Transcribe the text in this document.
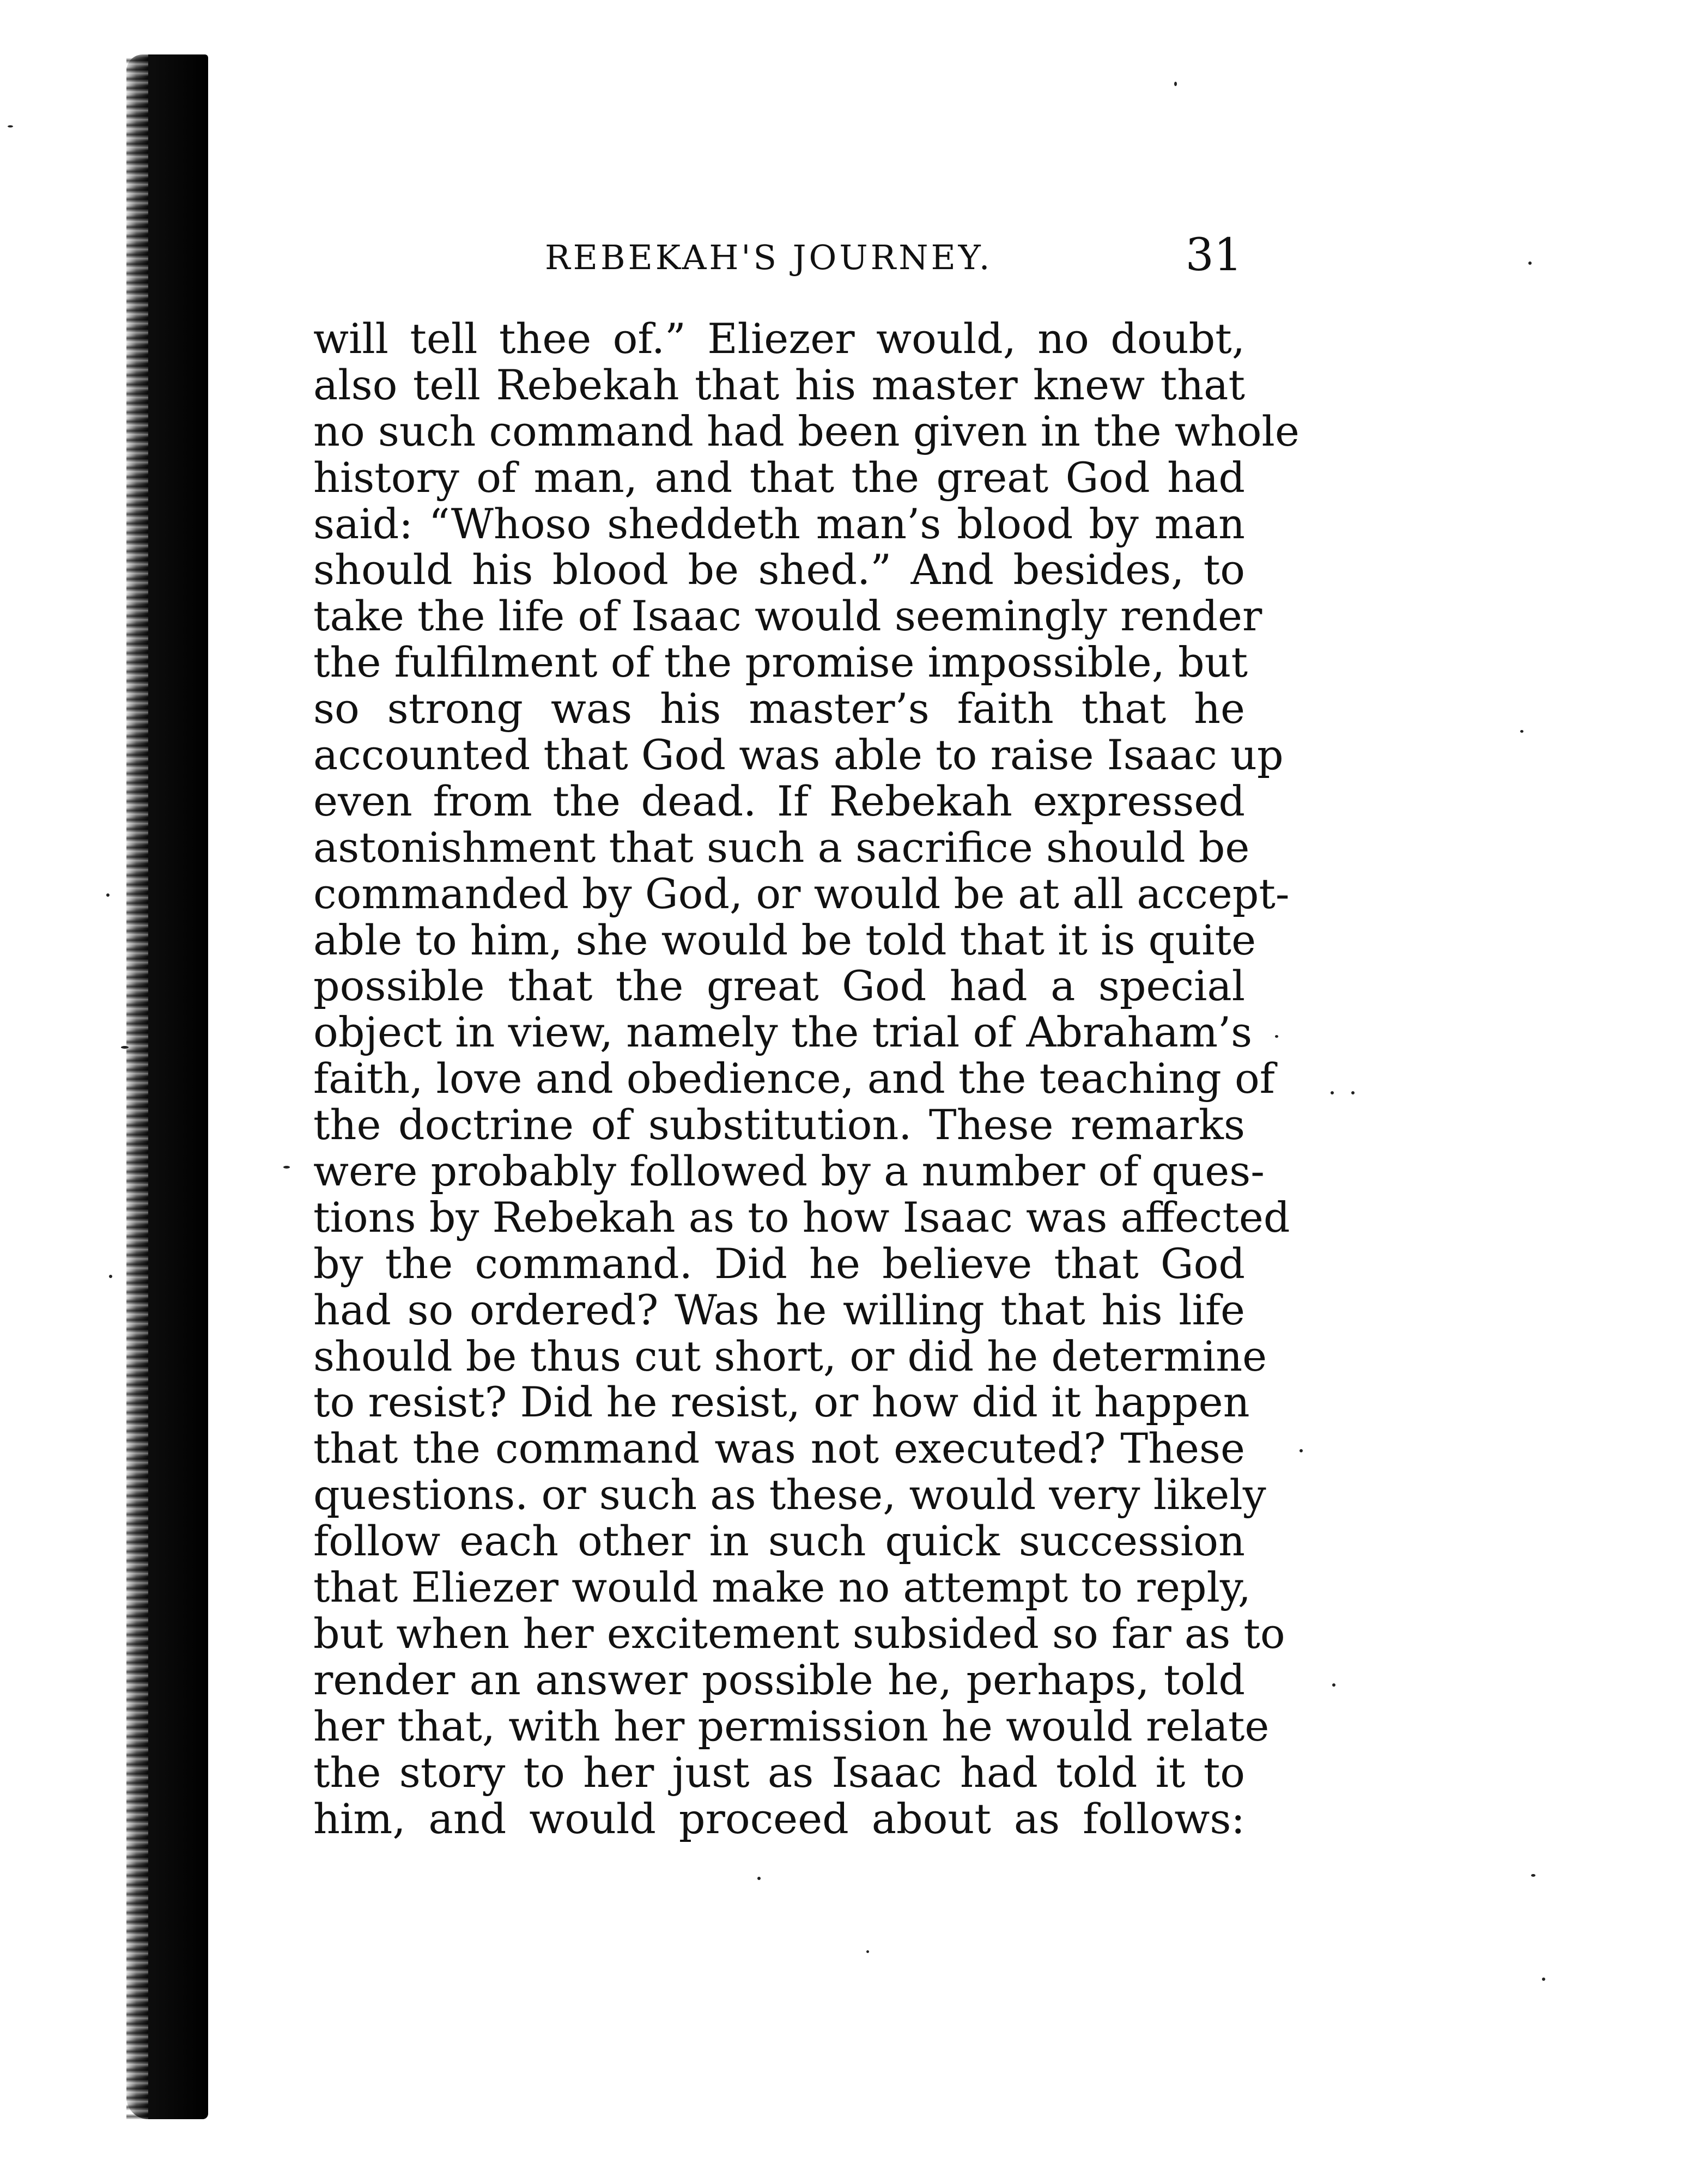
REBEKAH'S JOURNEY.	31
will tell thee of.” Eliezer would, no doubt,
also tell Rebekah that his master knew that
no such command had been given in the whole
history of man, and that the great God had
said: “Whoso sheddeth man’s blood by man
should his blood be shed.” And besides, to
take the life of Isaac would seemingly render
the fulfilment of the promise impossible, but
so strong was his master’s faith that he
accounted that God was able to raise Isaac up
even from the dead. If Rebekah expressed
astonishment that such a sacrifice should be
commanded by God, or would be at all accept-
able to him, she would be told that it is quite
possible that the great God had a special
object in view, namely the trial of Abraham’s
faith, love and obedience, and the teaching of
the doctrine of substitution. These remarks
were probably followed by a number of ques-
tions by Rebekah as to how Isaac was affected
by the command. Did he believe that God
had so ordered? Was he willing that his life
should be thus cut short, or did he determine
to resist? Did he resist, or how did it happen
that the command was not executed? These
questions. or such as these, would very likely
follow each other in such quick succession
that Eliezer would make no attempt to reply,
but when her excitement subsided so far as to
render an answer possible he, perhaps, told
her that, with her permission he would relate
the story to her just as Isaac had told it to
him, and would proceed about as follows:
